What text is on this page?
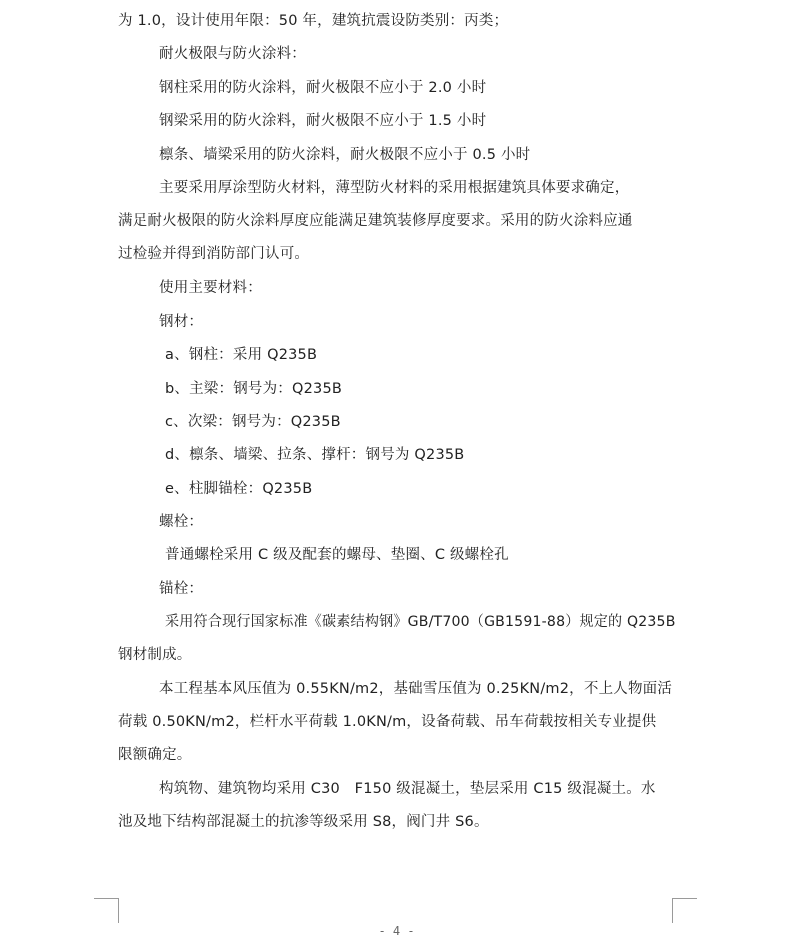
为 1.0，设计使用年限：50 年，建筑抗震设防类别：丙类；
耐火极限与防火涂料：
钢柱采用的防火涂料，耐火极限不应小于 2.0 小时
钢梁采用的防火涂料，耐火极限不应小于 1.5 小时
檩条、墙梁采用的防火涂料，耐火极限不应小于 0.5 小时
主要采用厚涂型防火材料，薄型防火材料的采用根据建筑具体要求确定，
满足耐火极限的防火涂料厚度应能满足建筑装修厚度要求。采用的防火涂料应通
过检验并得到消防部门认可。
使用主要材料：
钢材：
a、钢柱：采用 Q235B
b、主梁：钢号为：Q235B
c、次梁：钢号为：Q235B
d、檩条、墙梁、拉条、撑杆：钢号为 Q235B
e、柱脚锚栓：Q235B
螺栓：
普通螺栓采用 C 级及配套的螺母、垫圈、C 级螺栓孔
锚栓：
采用符合现行国家标准《碳素结构钢》GB/T700（GB1591-88）规定的 Q235B
钢材制成。
本工程基本风压值为 0.55KN/m2，基础雪压值为 0.25KN/m2，不上人物面活
荷载 0.50KN/m2，栏杆水平荷载 1.0KN/m，设备荷载、吊车荷载按相关专业提供
限额确定。
构筑物、建筑物均采用 C30　F150 级混凝土，垫层采用 C15 级混凝土。水
池及地下结构部混凝土的抗渗等级采用 S8，阀门井 S6。
- 4 -
